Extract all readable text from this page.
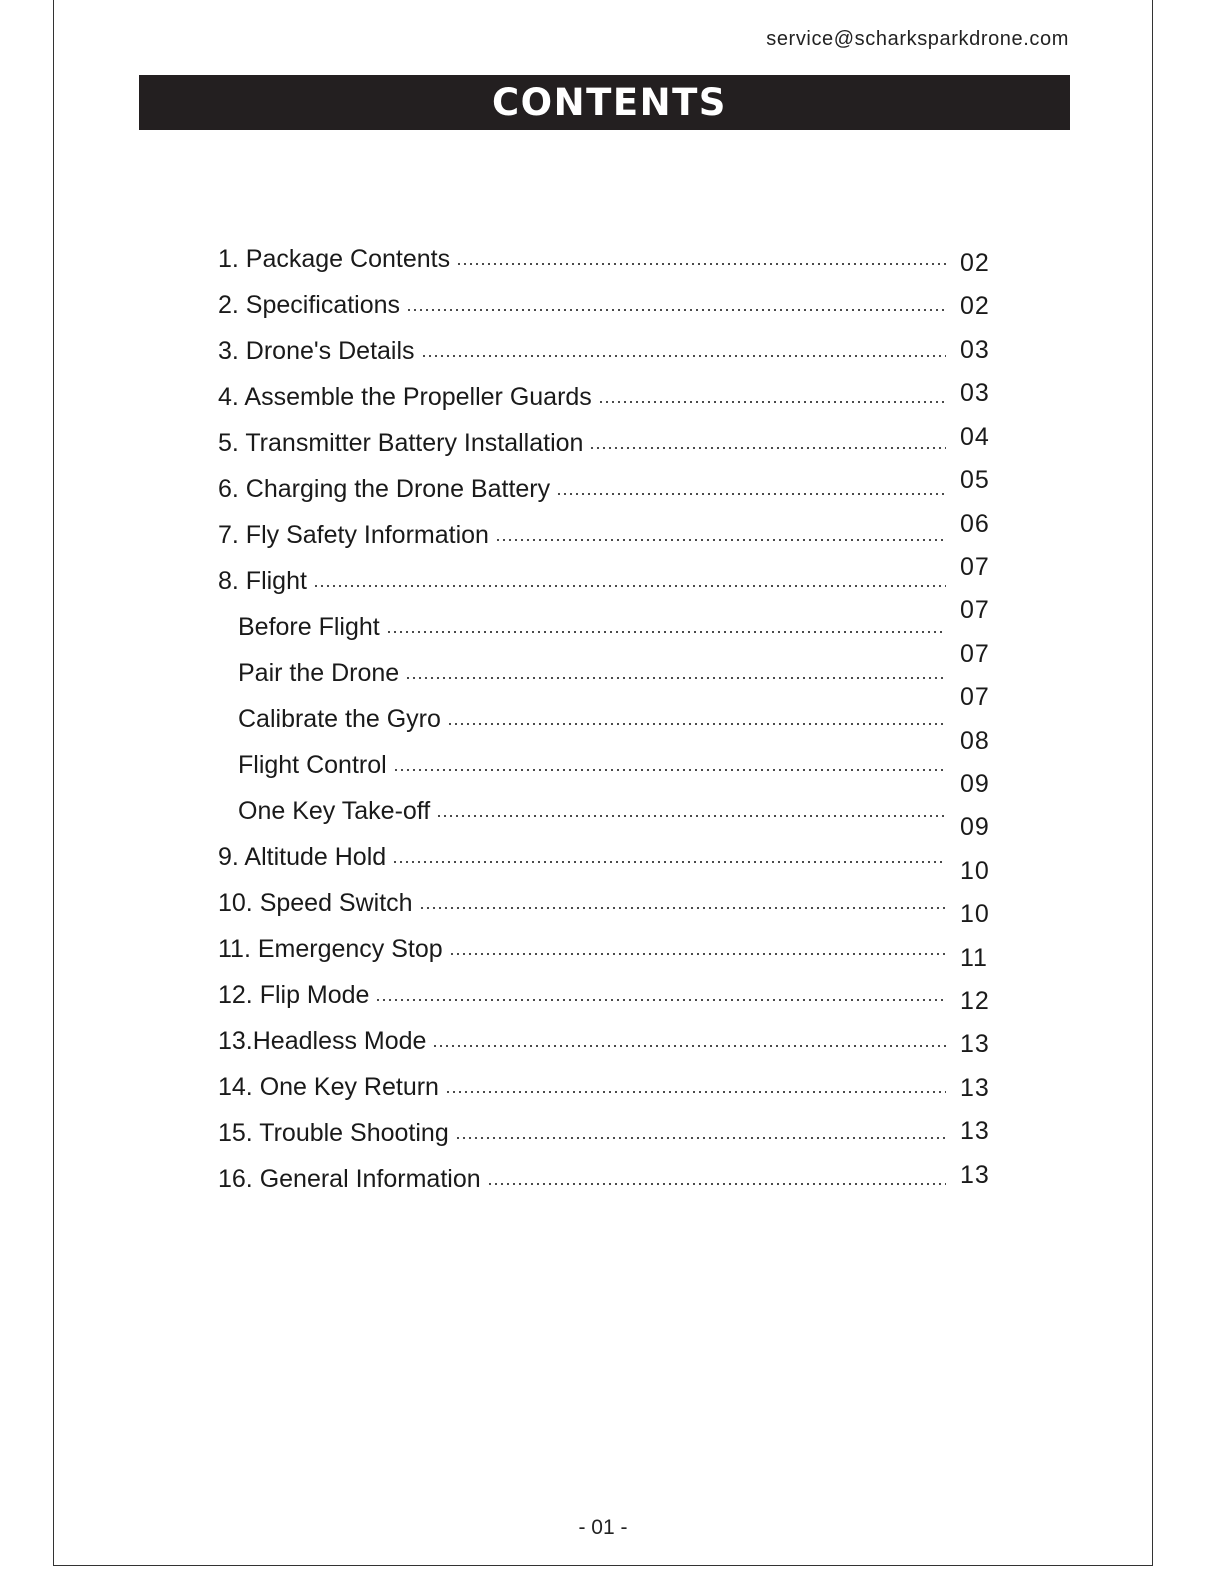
service@scharksparkdrone.com
CONTENTS
1. Package Contents
2. Specifications
3. Drone's Details
4. Assemble the Propeller Guards
5. Transmitter Battery Installation
6. Charging the Drone Battery
7. Fly Safety Information
8. Flight
Before Flight
Pair the Drone
Calibrate the Gyro
Flight Control
One Key Take-off
9. Altitude Hold
10. Speed Switch
11. Emergency Stop
12. Flip Mode
13.Headless Mode
14. One Key Return
15. Trouble Shooting
16. General Information
02
02
03
03
04
05
06
07
07
07
07
08
09
09
10
10
11
12
13
13
13
13
- 01 -
